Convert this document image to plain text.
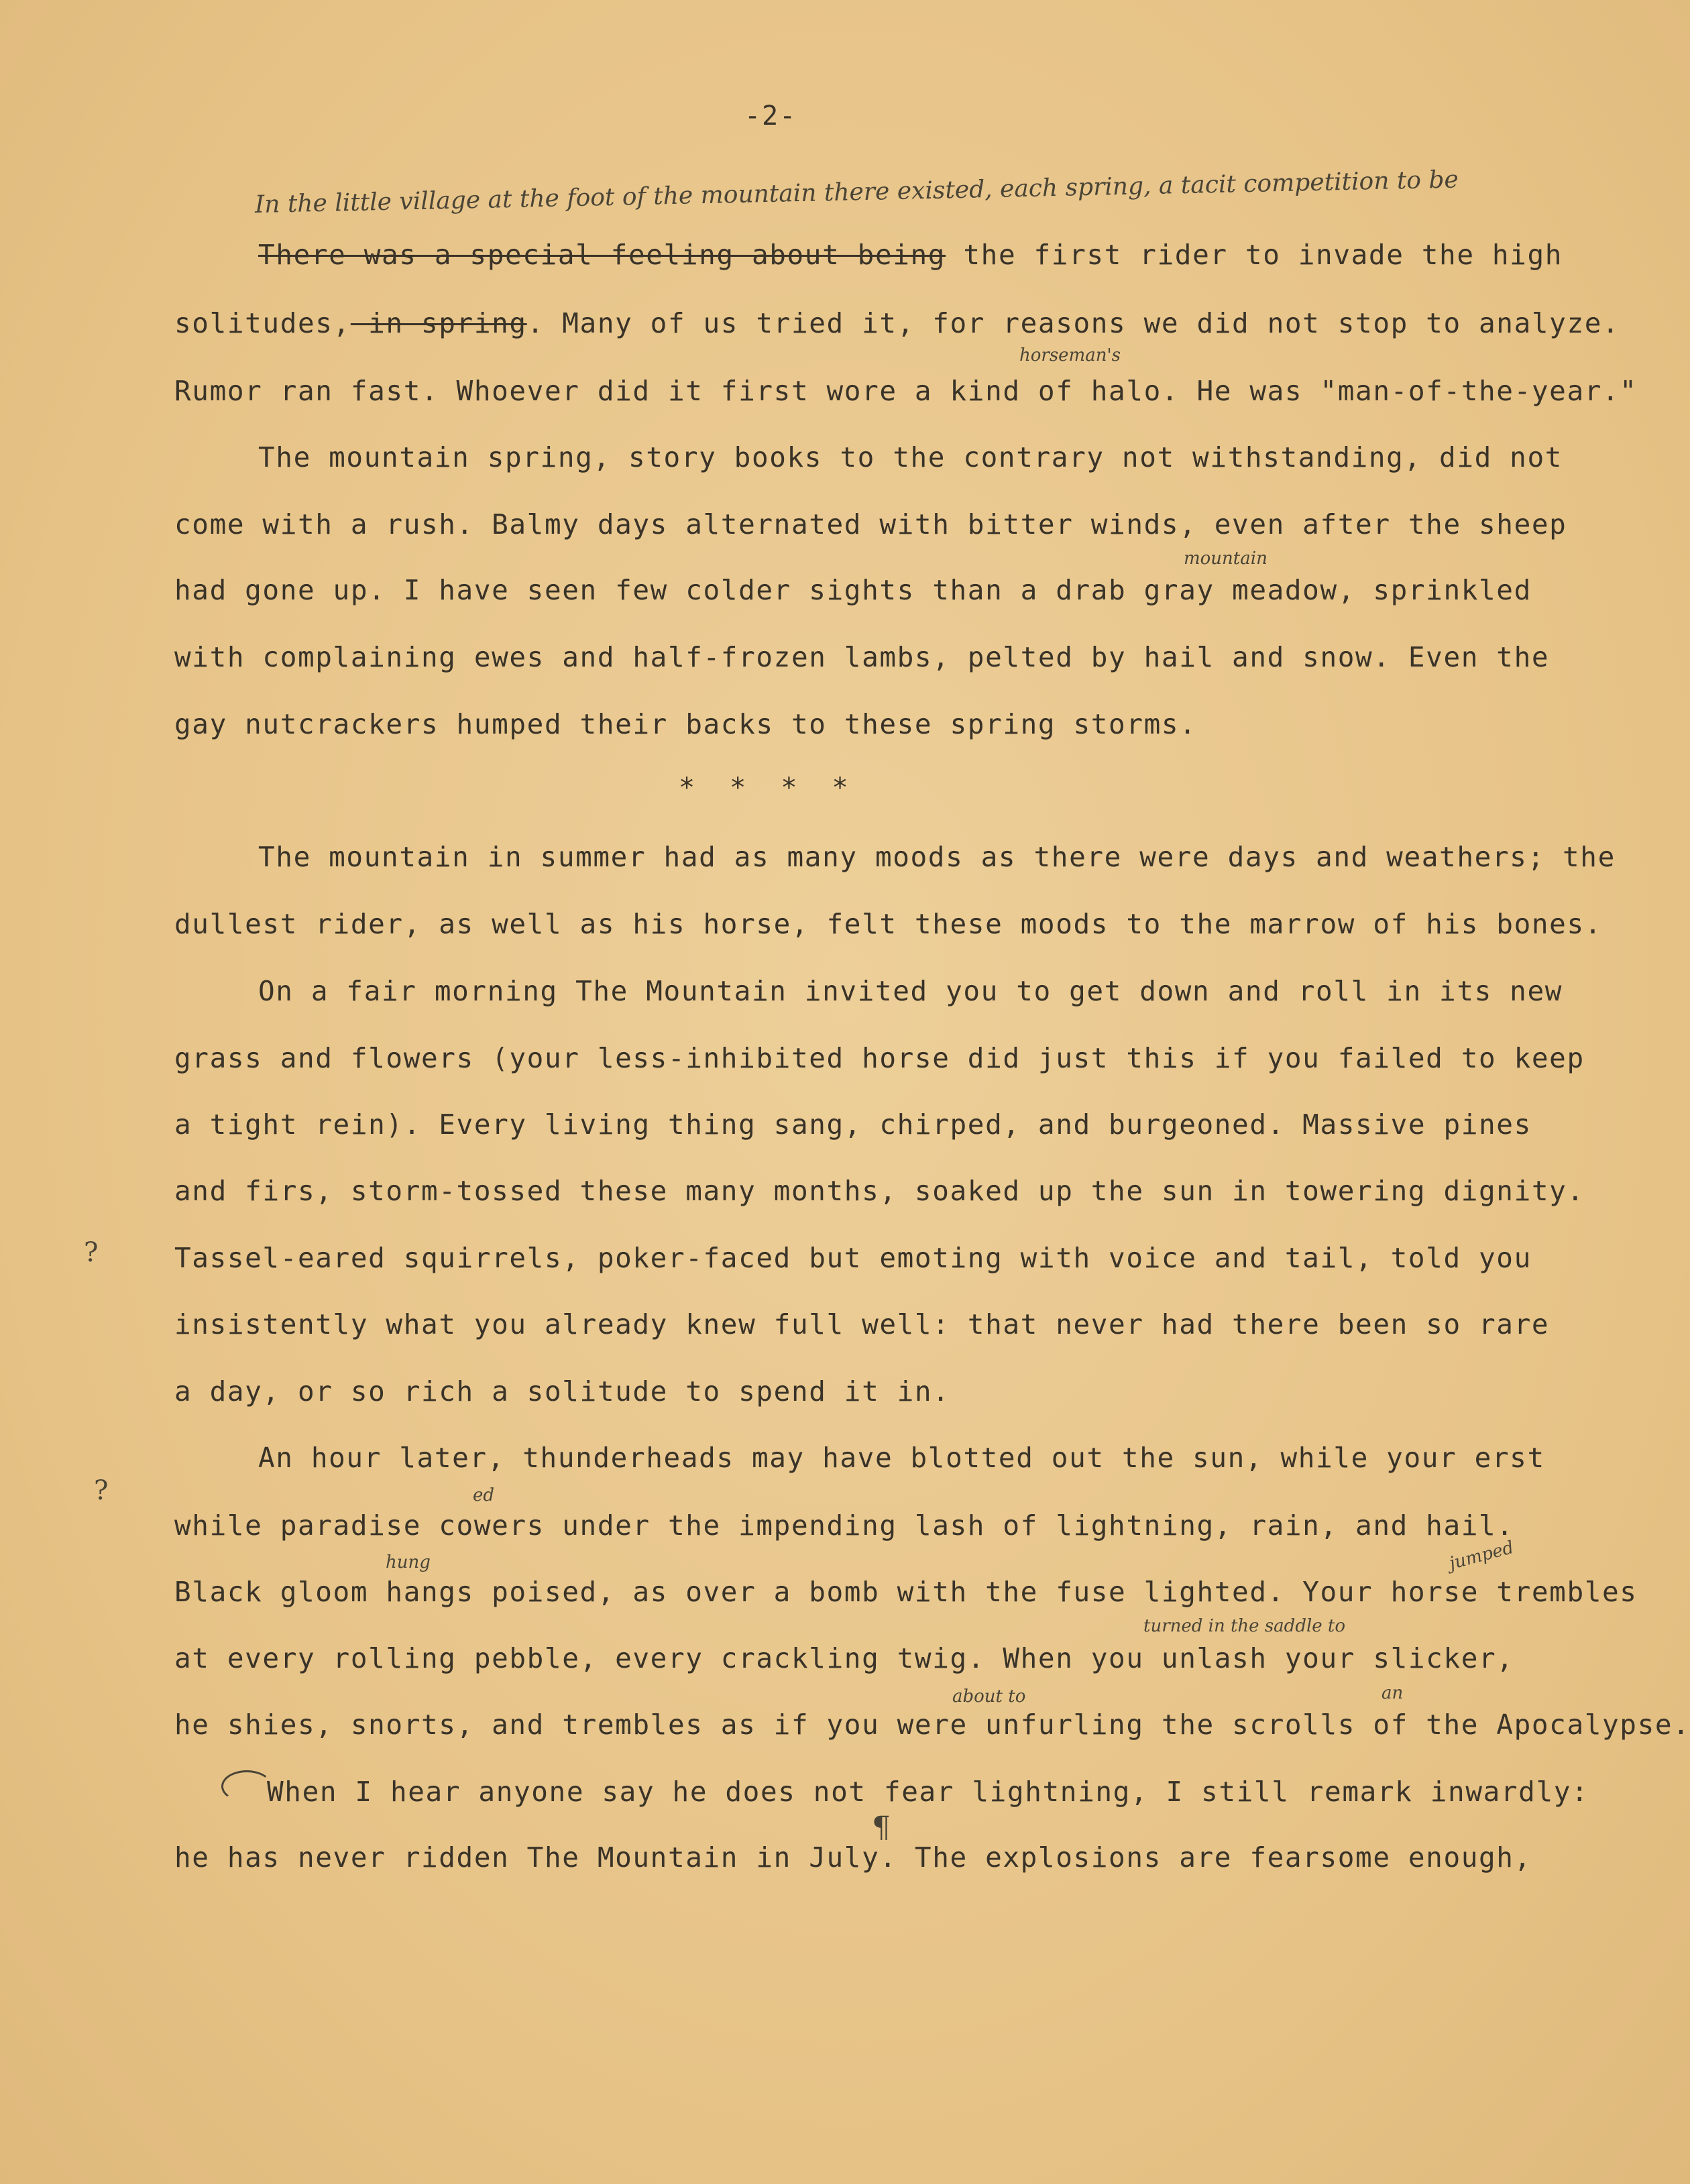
-2-
In the little village at the foot of the mountain there existed, each spring, a tacit competition to be
There was a special feeling about being the first rider to invade the high
solitudes, in spring. Many of us tried it, for reasons we did not stop to analyze.
horseman's
Rumor ran fast. Whoever did it first wore a kind of halo. He was "man-of-the-year."
The mountain spring, story books to the contrary not withstanding, did not
come with a rush. Balmy days alternated with bitter winds, even after the sheep
mountain
had gone up. I have seen few colder sights than a drab gray meadow, sprinkled
with complaining ewes and half-frozen lambs, pelted by hail and snow. Even the
gay nutcrackers humped their backs to these spring storms.
* * * *
The mountain in summer had as many moods as there were days and weathers; the
dullest rider, as well as his horse, felt these moods to the marrow of his bones.
On a fair morning The Mountain invited you to get down and roll in its new
grass and flowers (your less-inhibited horse did just this if you failed to keep
a tight rein). Every living thing sang, chirped, and burgeoned. Massive pines
and firs, storm-tossed these many months, soaked up the sun in towering dignity.
?	Tassel-eared squirrels, poker-faced but emoting with voice and tail, told you
insistently what you already knew full well: that never had there been so rare
a day, or so rich a solitude to spend it in.
An hour later, thunderheads may have blotted out the sun, while your erst
?	ed
while paradise cowers under the impending lash of lightning, rain, and hail.
hung	jumped
Black gloom hangs poised, as over a bomb with the fuse lighted. Your horse trembles
turned in the saddle to
at every rolling pebble, every crackling twig. When you unlash your slicker,
about to	an
he shies, snorts, and trembles as if you were unfurling the scrolls of the Apocalypse.
When I hear anyone say he does not fear lightning, I still remark inwardly:
¶
he has never ridden The Mountain in July. The explosions are fearsome enough,
